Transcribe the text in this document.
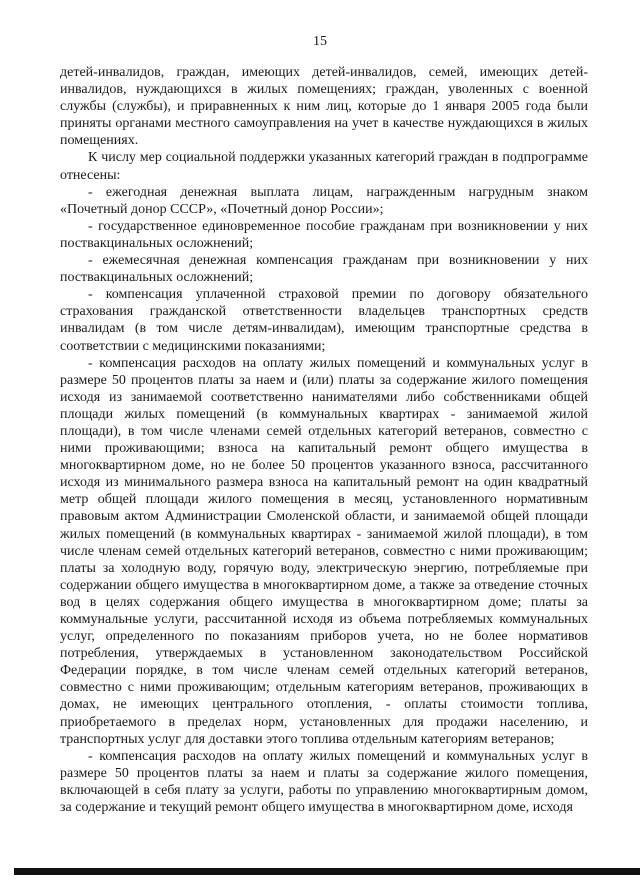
15

детей-инвалидов, граждан, имеющих детей-инвалидов, семей, имеющих детей-инвалидов, нуждающихся в жилых помещениях; граждан, уволенных с военной службы (службы), и приравненных к ним лиц, которые до 1 января 2005 года были приняты органами местного самоуправления на учет в качестве нуждающихся в жилых помещениях.

К числу мер социальной поддержки указанных категорий граждан в подпрограмме отнесены:

- ежегодная денежная выплата лицам, награжденным нагрудным знаком «Почетный донор СССР», «Почетный донор России»;

- государственное единовременное пособие гражданам при возникновении у них поствакцинальных осложнений;

- ежемесячная денежная компенсация гражданам при возникновении у них поствакцинальных осложнений;

- компенсация уплаченной страховой премии по договору обязательного страхования гражданской ответственности владельцев транспортных средств инвалидам (в том числе детям-инвалидам), имеющим транспортные средства в соответствии с медицинскими показаниями;

- компенсация расходов на оплату жилых помещений и коммунальных услуг в размере 50 процентов платы за наем и (или) платы за содержание жилого помещения исходя из занимаемой соответственно нанимателями либо собственниками общей площади жилых помещений (в коммунальных квартирах - занимаемой жилой площади), в том числе членами семей отдельных категорий ветеранов, совместно с ними проживающими; взноса на капитальный ремонт общего имущества в многоквартирном доме, но не более 50 процентов указанного взноса, рассчитанного исходя из минимального размера взноса на капитальный ремонт на один квадратный метр общей площади жилого помещения в месяц, установленного нормативным правовым актом Администрации Смоленской области, и занимаемой общей площади жилых помещений (в коммунальных квартирах - занимаемой жилой площади), в том числе членам семей отдельных категорий ветеранов, совместно с ними проживающим; платы за холодную воду, горячую воду, электрическую энергию, потребляемые при содержании общего имущества в многоквартирном доме, а также за отведение сточных вод в целях содержания общего имущества в многоквартирном доме; платы за коммунальные услуги, рассчитанной исходя из объема потребляемых коммунальных услуг, определенного по показаниям приборов учета, но не более нормативов потребления, утверждаемых в установленном законодательством Российской Федерации порядке, в том числе членам семей отдельных категорий ветеранов, совместно с ними проживающим; отдельным категориям ветеранов, проживающих в домах, не имеющих центрального отопления, - оплаты стоимости топлива, приобретаемого в пределах норм, установленных для продажи населению, и транспортных услуг для доставки этого топлива отдельным категориям ветеранов;

- компенсация расходов на оплату жилых помещений и коммунальных услуг в размере 50 процентов платы за наем и платы за содержание жилого помещения, включающей в себя плату за услуги, работы по управлению многоквартирным домом, за содержание и текущий ремонт общего имущества в многоквартирном доме, исходя
